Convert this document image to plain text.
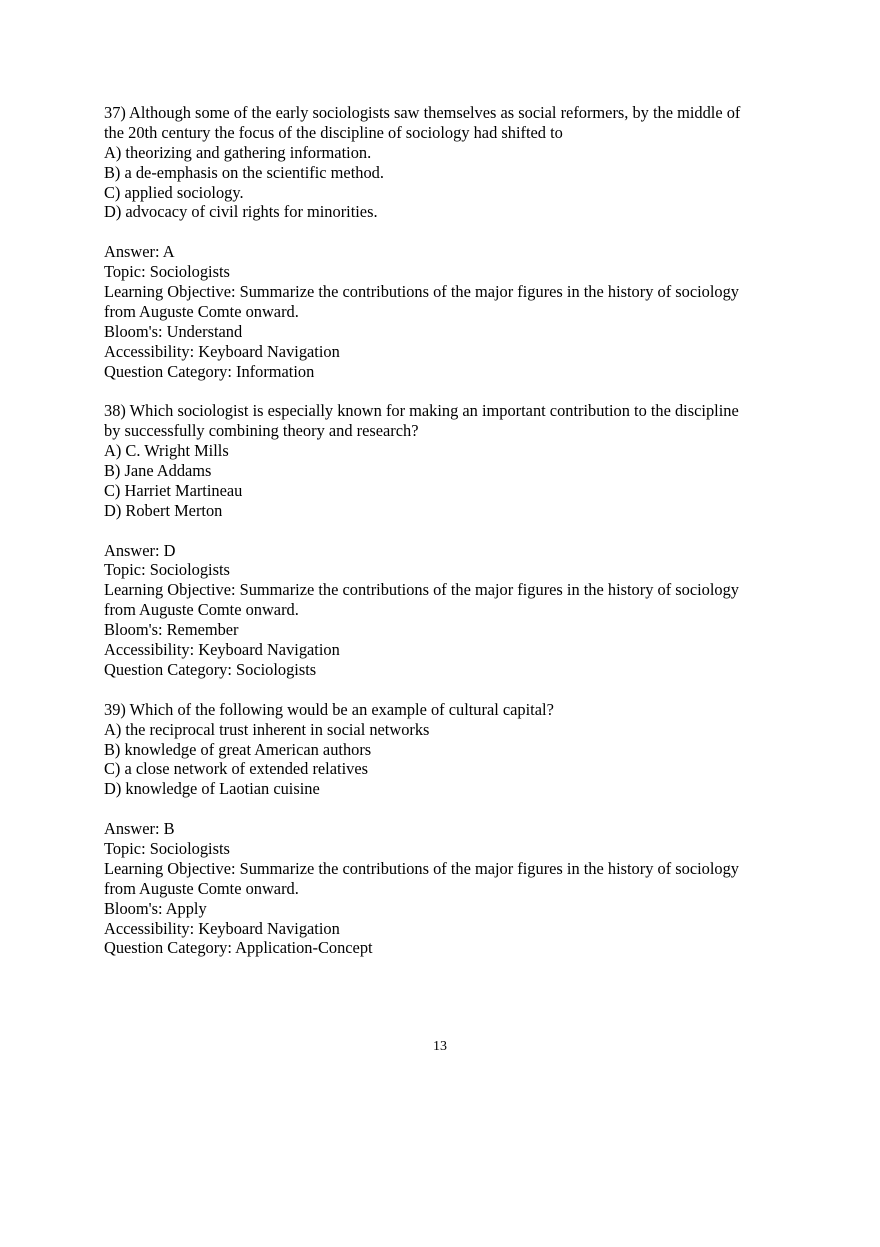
37) Although some of the early sociologists saw themselves as social reformers, by the middle of
the 20th century the focus of the discipline of sociology had shifted to
A) theorizing and gathering information.
B) a de-emphasis on the scientific method.
C) applied sociology.
D) advocacy of civil rights for minorities.
Answer: A
Topic: Sociologists
Learning Objective: Summarize the contributions of the major figures in the history of sociology
from Auguste Comte onward.
Bloom's: Understand
Accessibility: Keyboard Navigation
Question Category: Information
38) Which sociologist is especially known for making an important contribution to the discipline
by successfully combining theory and research?
A) C. Wright Mills
B) Jane Addams
C) Harriet Martineau
D) Robert Merton
Answer: D
Topic: Sociologists
Learning Objective: Summarize the contributions of the major figures in the history of sociology
from Auguste Comte onward.
Bloom's: Remember
Accessibility: Keyboard Navigation
Question Category: Sociologists
39) Which of the following would be an example of cultural capital?
A) the reciprocal trust inherent in social networks
B) knowledge of great American authors
C) a close network of extended relatives
D) knowledge of Laotian cuisine
Answer: B
Topic: Sociologists
Learning Objective: Summarize the contributions of the major figures in the history of sociology
from Auguste Comte onward.
Bloom's: Apply
Accessibility: Keyboard Navigation
Question Category: Application-Concept
13
